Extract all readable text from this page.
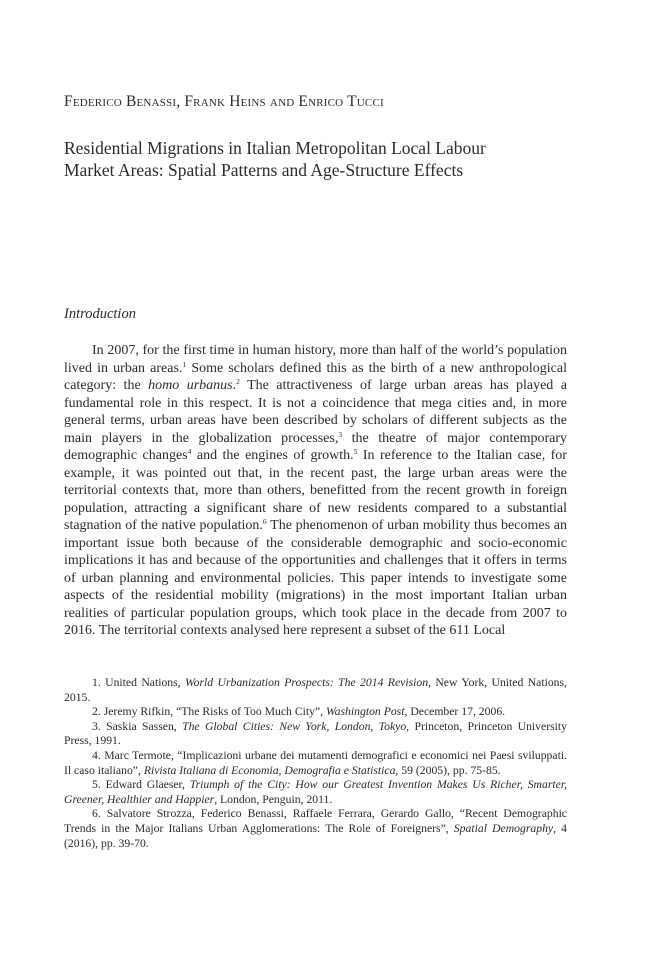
Federico Benassi, Frank Heins and Enrico Tucci
Residential Migrations in Italian Metropolitan Local Labour
Market Areas: Spatial Patterns and Age-Structure Effects
Introduction

In 2007, for the first time in human history, more than half of the world’s population lived in urban areas.$^1$ Some scholars defined this as the birth of a new anthropological category: the homo urbanus.$^2$ The attractiveness of large urban areas has played a fundamental role in this respect. It is not a coincidence that mega cities and, in more general terms, urban areas have been described by scholars of different subjects as the main players in the globalization processes,$^3$ the theatre of major contemporary demographic changes$^4$ and the engines of growth.$^5$ In reference to the Italian case, for example, it was pointed out that, in the recent past, the large urban areas were the territorial contexts that, more than others, benefitted from the recent growth in foreign population, attracting a significant share of new residents compared to a substantial stagnation of the native population.$^6$ The phenomenon of urban mobility thus becomes an important issue both because of the considerable demographic and socio-economic implications it has and because of the opportunities and challenges that it offers in terms of urban planning and environmental policies. This paper intends to investigate some aspects of the residential mobility (migrations) in the most important Italian urban realities of particular population groups, which took place in the decade from 2007 to 2016. The territorial contexts analysed here represent a subset of the 611 Local

1. United Nations, World Urbanization Prospects: The 2014 Revision, New York, United Nations, 2015.

2. Jeremy Rifkin, “The Risks of Too Much City”, Washington Post, December 17, 2006.

3. Saskia Sassen, The Global Cities: New York, London, Tokyo, Princeton, Princeton University Press, 1991.

4. Marc Termote, “Implicazioni urbane dei mutamenti demografici e economici nei Paesi sviluppati. Il caso italiano”, Rivista Italiana di Economia, Demografia e Statistica, 59 (2005), pp. 75-85.

5. Edward Glaeser, Triumph of the City: How our Greatest Invention Makes Us Richer, Smarter, Greener, Healthier and Happier, London, Penguin, 2011.

6. Salvatore Strozza, Federico Benassi, Raffaele Ferrara, Gerardo Gallo, “Recent Demographic Trends in the Major Italians Urban Agglomerations: The Role of Foreigners”, Spatial Demography, 4 (2016), pp. 39-70.
